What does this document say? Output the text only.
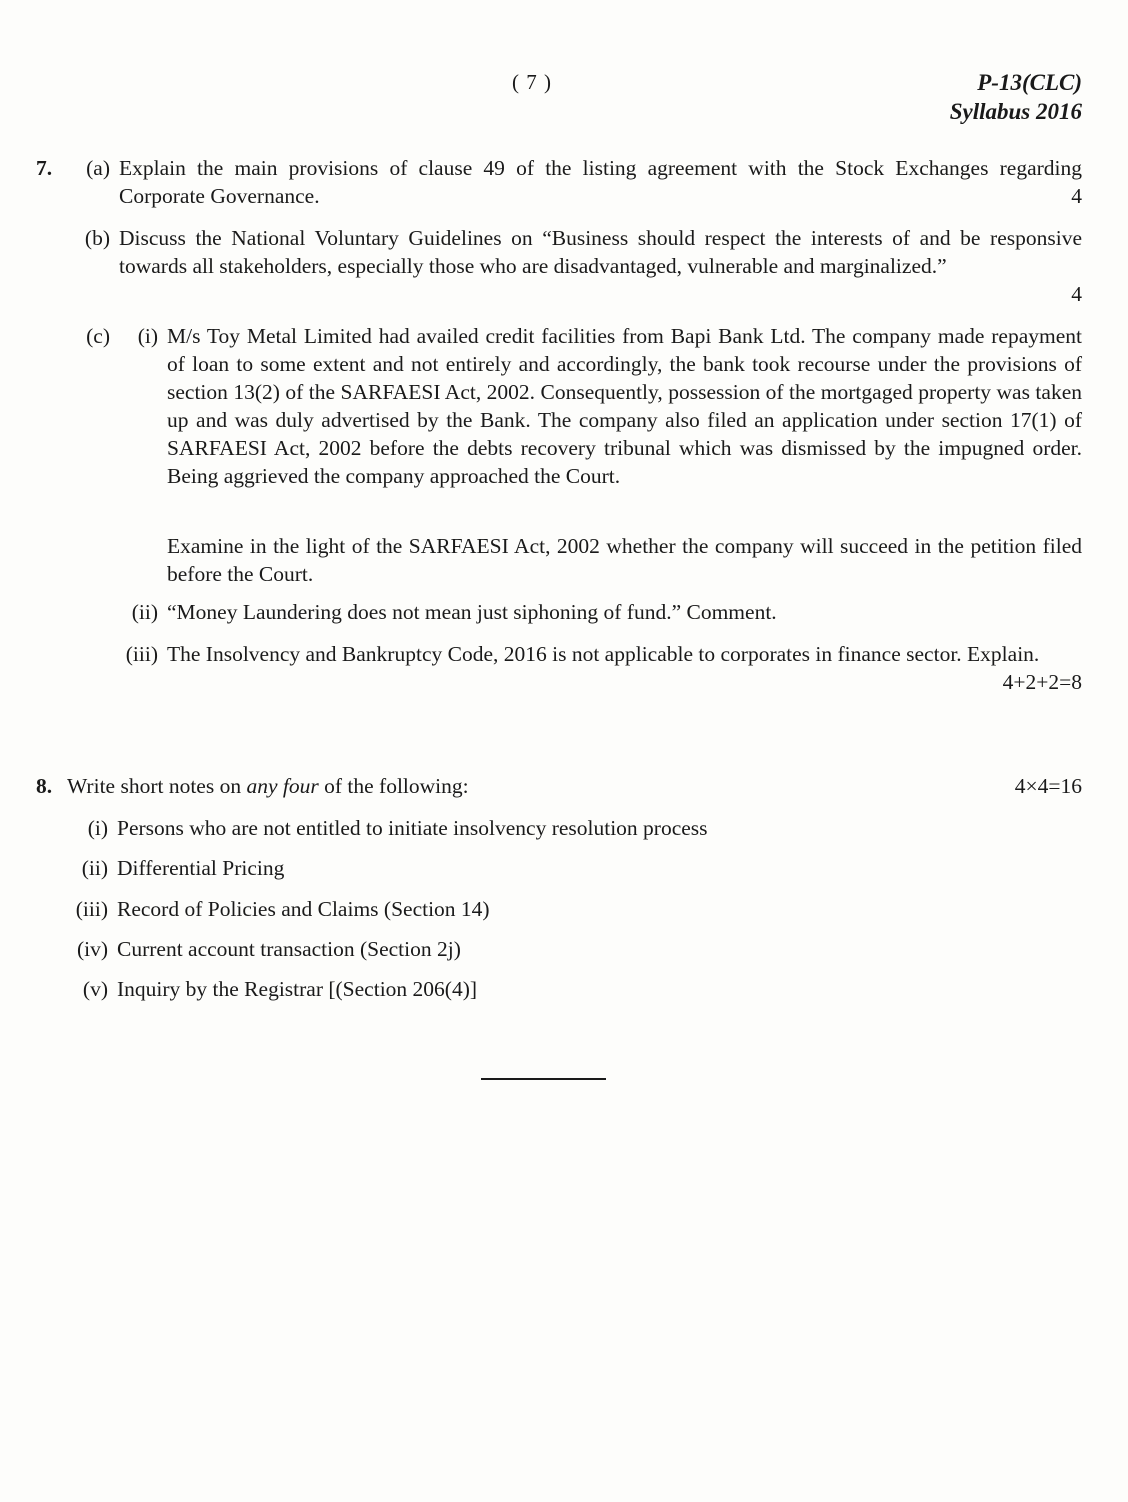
( 7 )	P-13(CLC)
Syllabus 2016
7.	(a) Explain the main provisions of clause 49 of the listing agreement with the Stock Exchanges regarding Corporate Governance.	4
(b) Discuss the National Voluntary Guidelines on “Business should respect the interests of and be responsive towards all stakeholders, especially those who are disadvantaged, vulnerable and marginalized.”
4
(c)	(i) M/s Toy Metal Limited had availed credit facilities from Bapi Bank Ltd. The company made repayment of loan to some extent and not entirely and accordingly, the bank took recourse under the provisions of section 13(2) of the SARFAESI Act, 2002. Consequently, possession of the mortgaged property was taken up and was duly advertised by the Bank. The company also filed an application under section 17(1) of SARFAESI Act, 2002 before the debts recovery tribunal which was dismissed by the impugned order. Being aggrieved the company approached the Court.
Examine in the light of the SARFAESI Act, 2002 whether the company will succeed in the petition filed before the Court.
(ii) “Money Laundering does not mean just siphoning of fund.” Comment.
(iii) The Insolvency and Bankruptcy Code, 2016 is not applicable to corporates in finance sector. Explain.
4+2+2=8
8. Write short notes on any four of the following:	4×4=16
(i) Persons who are not entitled to initiate insolvency resolution process
(ii) Differential Pricing
(iii) Record of Policies and Claims (Section 14)
(iv) Current account transaction (Section 2j)
(v) Inquiry by the Registrar [(Section 206(4)]
